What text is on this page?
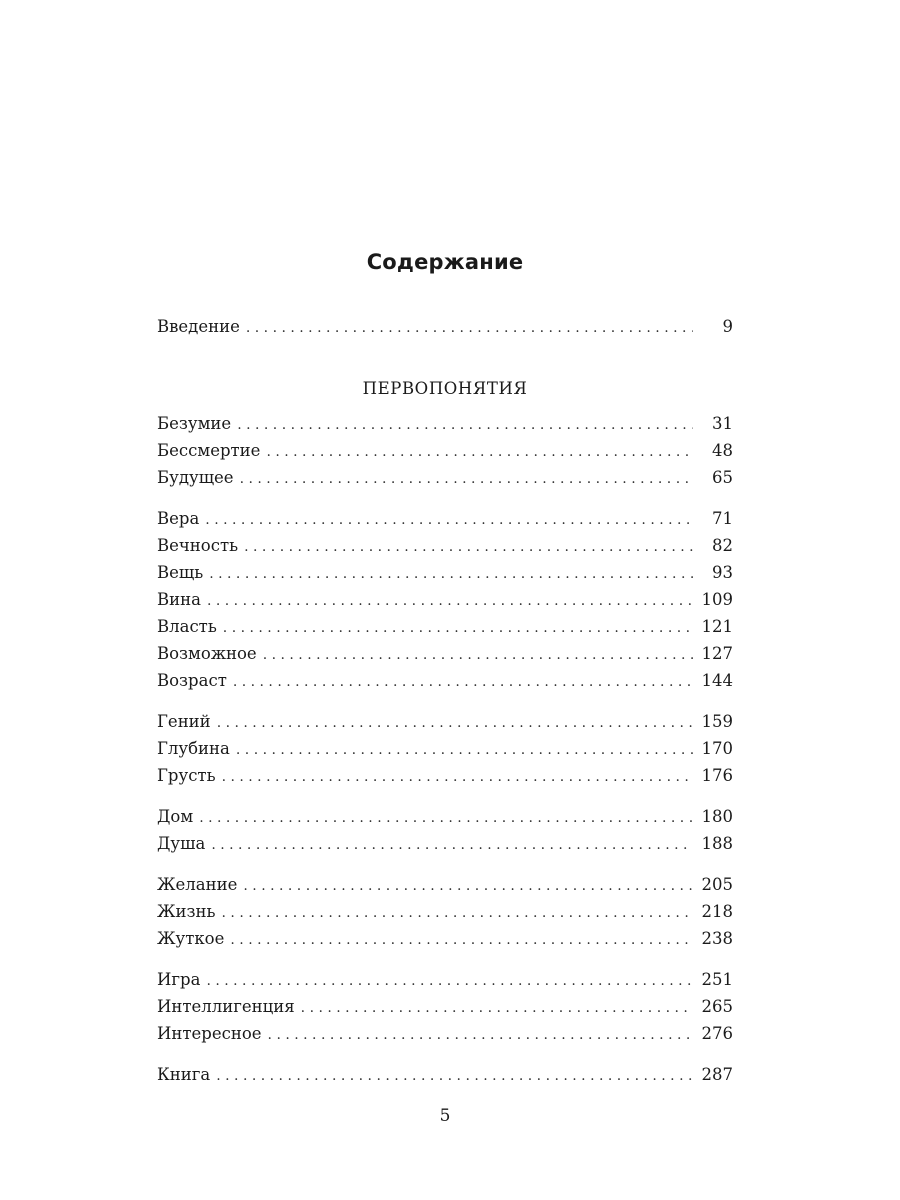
Содержание
Введение . . .	9
ПЕРВОПОНЯТИЯ
Безумие . . .	31
Бессмертие . . .	48
Будущее . . .	65
Вера . . .	71
Вечность . . .	82
Вещь . . .	93
Вина . . .	109
Власть . . .	121
Возможное . . .	127
Возраст . . .	144
Гений . . .	159
Глубина . . .	170
Грусть . . .	176
Дом . . .	180
Душа . . .	188
Желание . . .	205
Жизнь . . .	218
Жуткое . . .	238
Игра . . .	251
Интеллигенция . . .	265
Интересное . . .	276
Книга . . .	287
5
